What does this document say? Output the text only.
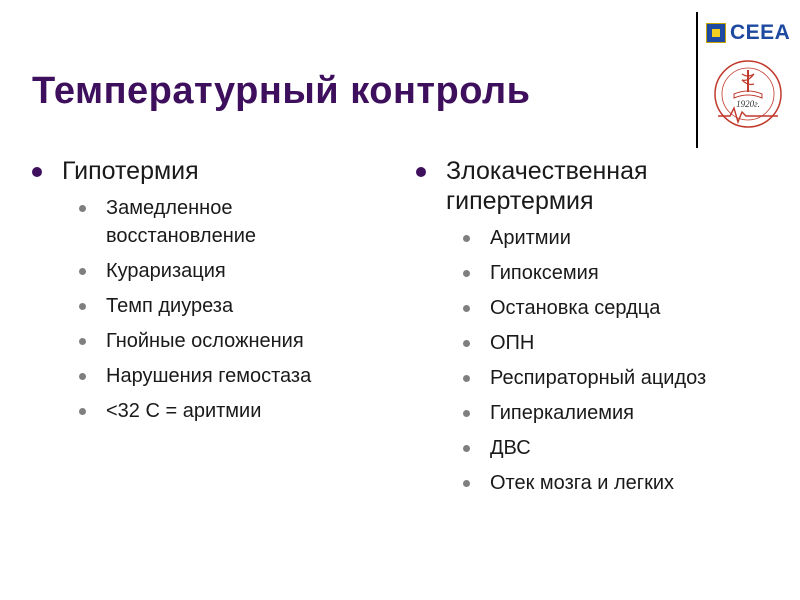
Температурный контроль
CEEA
1920г.
Гипотермия
Замедленное восстановление
Кураризация
Темп диуреза
Гнойные осложнения
Нарушения гемостаза
<32 С = аритмии
Злокачественная гипертермия
Аритмии
Гипоксемия
Остановка сердца
ОПН
Респираторный ацидоз
Гиперкалиемия
ДВС
Отек мозга и легких
